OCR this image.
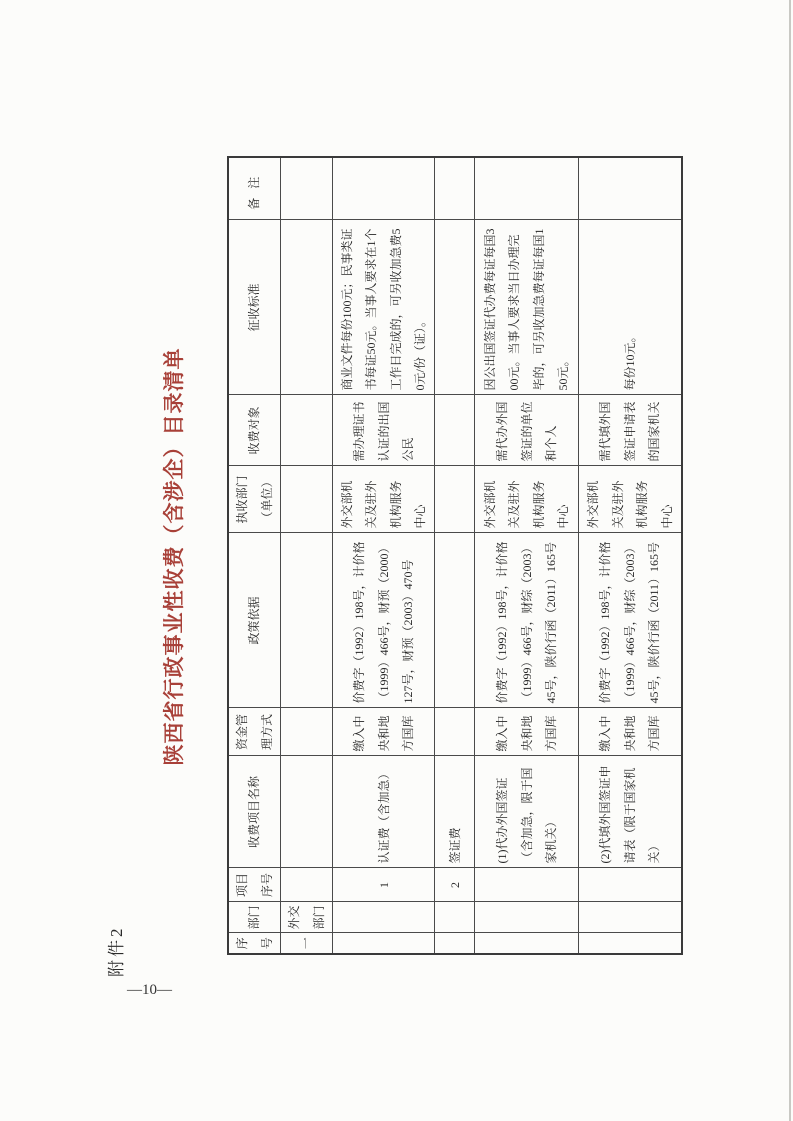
附件2
陕西省行政事业性收费（含涉企）目录清单
序号	部门	项目序号	收费项目名称	资金管理方式	政策依据	执收部门（单位）	收费对象	征收标准	备注
一	外交部门								
		1	认证费（含加急）	缴入中央和地方国库	价费字（1992）198号，计价格（1999）466号，财预（2000）127号，财预（2003）470号	外交部机关及驻外机构服务中心	需办理证书认证的出国公民	商业文件每份100元；民事类证书每证50元。当事人要求在1个工作日完成的，可另收加急费50元/份（证）。	
		2	签证费						
			(1)代办外国签证（含加急，限于国家机关）	缴入中央和地方国库	价费字（1992）198号，计价格（1999）466号，财综（2003）45号，陕价行函（2011）165号	外交部机关及驻外机构服务中心	需代办外国签证的单位和个人	因公出国签证代办费每证每国300元。当事人要求当日办理完毕的，可另收加急费每证每国150元。	
			(2)代填外国签证申请表（限于国家机关）	缴入中央和地方国库	价费字（1992）198号，计价格（1999）466号，财综（2003）45号，陕价行函（2011）165号	外交部机关及驻外机构服务中心	需代填外国签证申请表的国家机关	每份10元。	
—10—
